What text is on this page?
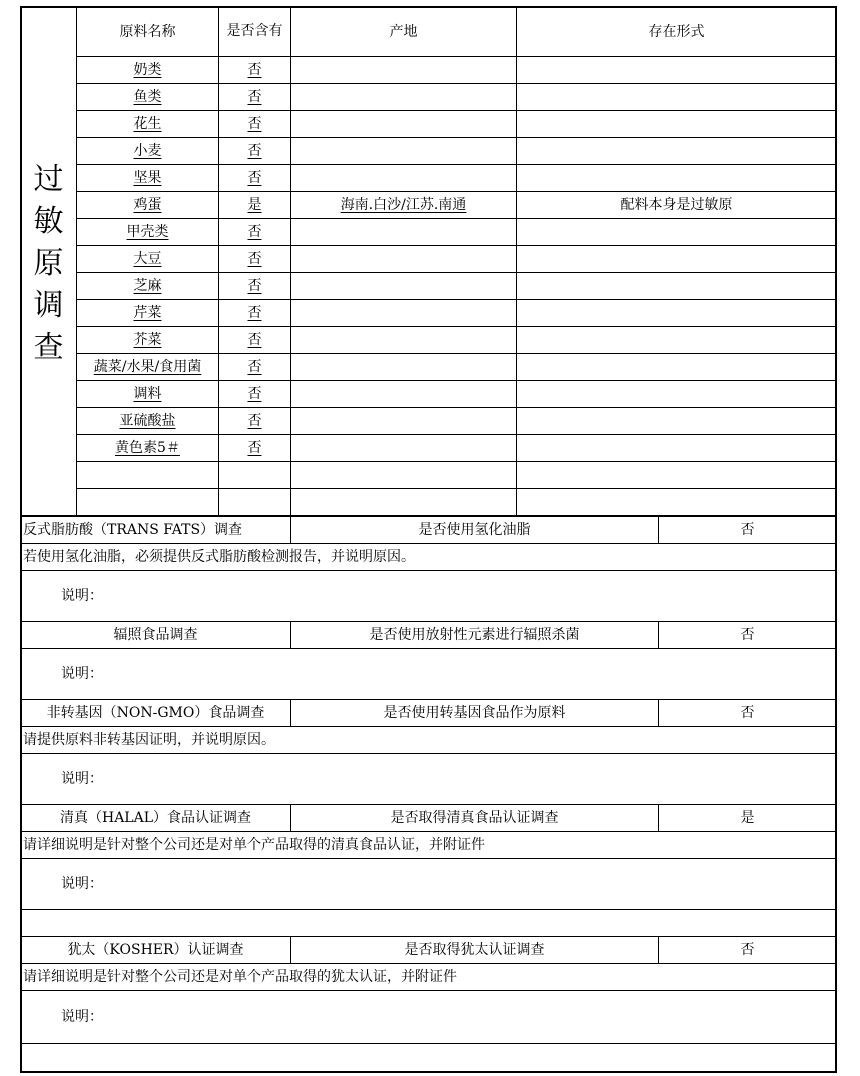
过
敏
原
调
查	原料名称	是否含有	产地	存在形式
	奶类	否		
	鱼类	否		
	花生	否		
	小麦	否		
	坚果	否		
	鸡蛋	是	海南.白沙/江苏.南通	配料本身是过敏原
	甲壳类	否		
	大豆	否		
	芝麻	否		
	芹菜	否		
	芥菜	否		
	蔬菜/水果/食用菌	否		
	调料	否		
	亚硫酸盐	否		
	黄色素5＃	否		

反式脂肪酸（TRANS FATS）调查	是否使用氢化油脂	否
若使用氢化油脂，必须提供反式脂肪酸检测报告，并说明原因。		
说明：		
辐照食品调查	是否使用放射性元素进行辐照杀菌	否
说明：		
非转基因（NON-GMO）食品调查	是否使用转基因食品作为原料	否
请提供原料非转基因证明，并说明原因。		
说明：		
清真（HALAL）食品认证调查	是否取得清真食品认证调查	是
请详细说明是针对整个公司还是对单个产品取得的清真食品认证，并附证件		
说明：		

犹太（KOSHER）认证调查	是否取得犹太认证调查	否
请详细说明是针对整个公司还是对单个产品取得的犹太认证，并附证件		
说明：		
